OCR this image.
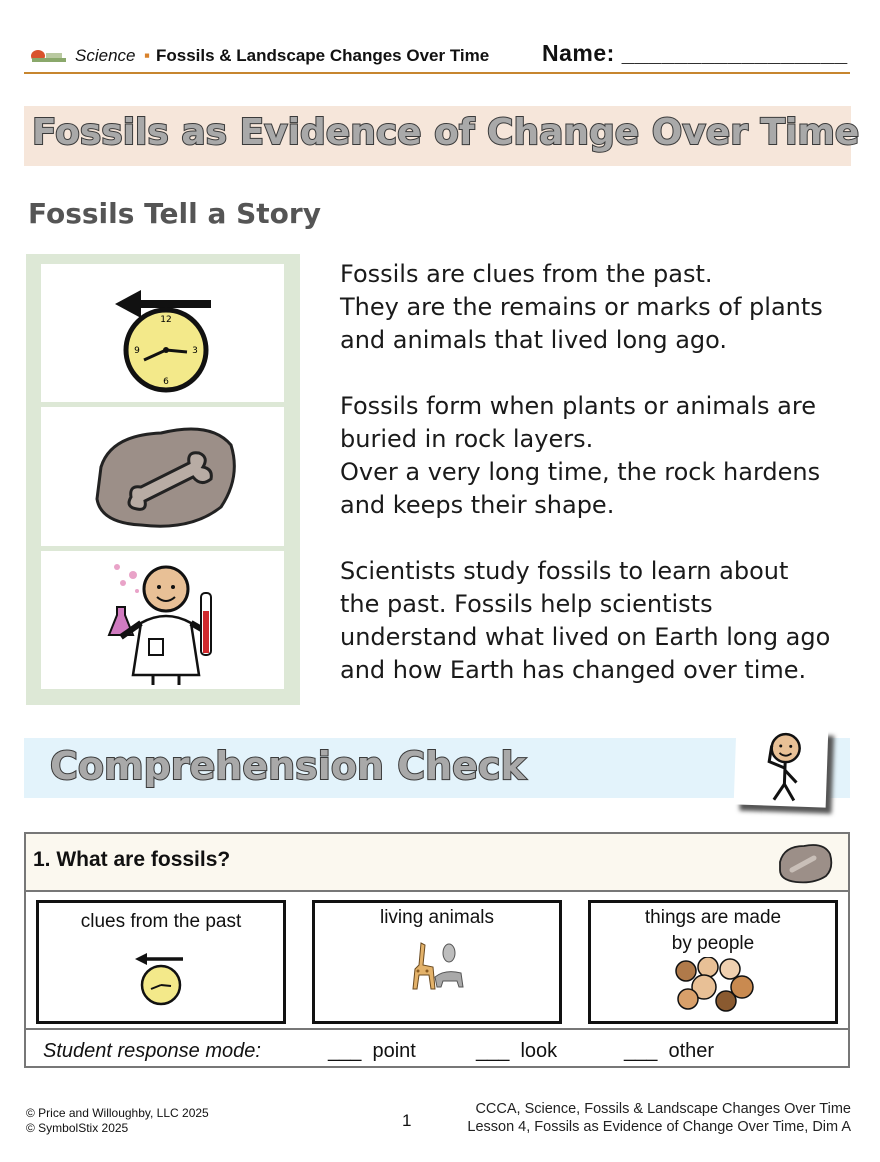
Science ▪ Fossils & Landscape Changes Over Time Name: _________________
Fossils as Evidence of Change Over Time
Fossils Tell a Story
12
3
6
9
Fossils are clues from the past.
They are the remains or marks of plants
and animals that lived long ago.
Fossils form when plants or animals are
buried in rock layers.
Over a very long time, the rock hardens
and keeps their shape.
Scientists study fossils to learn about
the past. Fossils help scientists
understand what lived on Earth long ago
and how Earth has changed over time.
Comprehension Check
1. What are fossils?
clues from the past	living animals	things are made
by people
Student response mode:	___  point	___  look	___  other
© Price and Willoughby, LLC 2025
© SymbolStix 2025	1
CCCA, Science, Fossils & Landscape Changes Over Time
Lesson 4, Fossils as Evidence of Change Over Time, Dim A
